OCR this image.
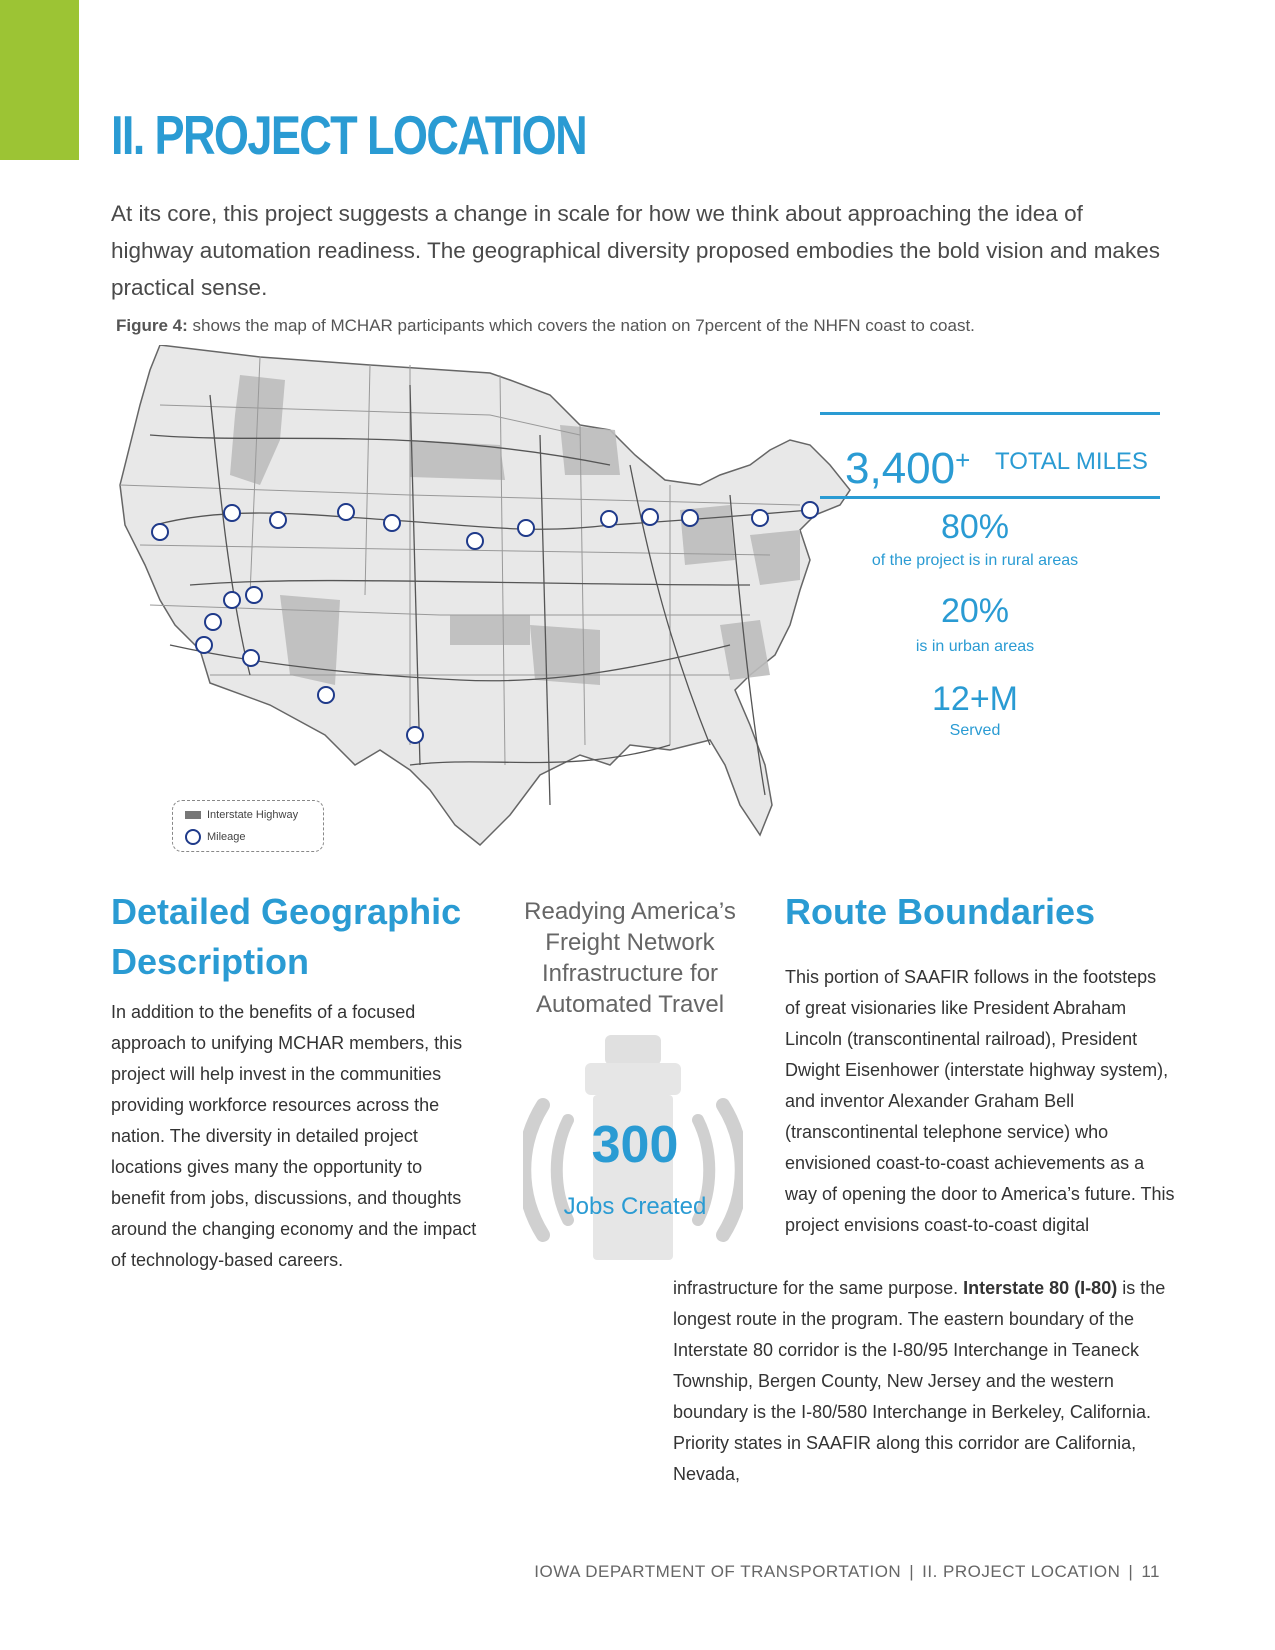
II. PROJECT LOCATION

At its core, this project suggests a change in scale for how we think about approaching the idea of highway automation readiness. The geographical diversity proposed embodies the bold vision and makes practical sense.

Figure 4: shows the map of MCHAR participants which covers the nation on 7percent of the NHFN coast to coast.

Interstate Highway
Mileage
3,400+ TOTAL MILES
80%
of the project is in rural areas
20%
is in urban areas
12+M
Served
Detailed Geographic Description

In addition to the benefits of a focused approach to unifying MCHAR members, this project will help invest in the communities providing workforce resources across the nation. The diversity in detailed project locations gives many the opportunity to benefit from jobs, discussions, and thoughts around the changing economy and the impact of technology-based careers.

Readying America’s Freight Network Infrastructure for Automated Travel

300
Jobs Created
Route Boundaries

This portion of SAAFIR follows in the footsteps of great visionaries like President Abraham Lincoln (transcontinental railroad), President Dwight Eisenhower (interstate highway system), and inventor Alexander Graham Bell (transcontinental telephone service) who envisioned coast-to-coast achievements as a way of opening the door to America’s future. This project envisions coast-to-coast digital

infrastructure for the same purpose. Interstate 80 (I-80) is the longest route in the program. The eastern boundary of the Interstate 80 corridor is the I-80/95 Interchange in Teaneck Township, Bergen County, New Jersey and the western boundary is the I-80/580 Interchange in Berkeley, California. Priority states in SAAFIR along this corridor are California, Nevada,

IOWA DEPARTMENT OF TRANSPORTATION | II. PROJECT LOCATION | 11
